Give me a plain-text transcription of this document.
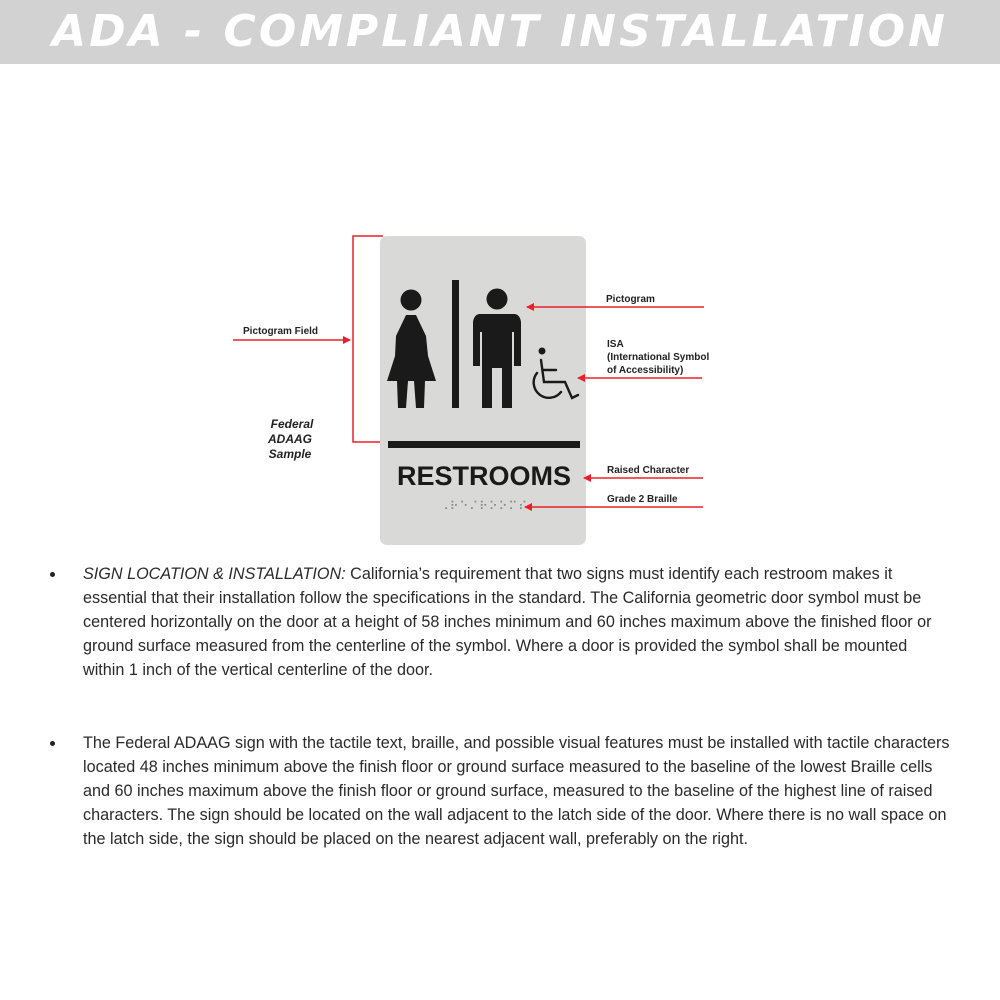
ADA - COMPLIANT INSTALLATION
RESTROOMS
⠠⠗⠑⠌⠗⠕⠕⠍⠎
Pictogram Field
Federal
ADAAG
Sample
Pictogram
ISA
(International Symbol
of Accessibility)
Raised Character
Grade 2 Braille
SIGN LOCATION & INSTALLATION: California’s requirement that two signs must identify each restroom makes it essential that their installation follow the specifications in the standard. The California geometric door symbol must be centered horizontally on the door at a height of 58 inches minimum and 60 inches maximum above the finished floor or ground surface measured from the centerline of the symbol. Where a door is provided the symbol shall be mounted within 1 inch of the vertical centerline of the door.
The Federal ADAAG sign with the tactile text, braille, and possible visual features must be installed with tactile characters located 48 inches minimum above the finish floor or ground surface measured to the baseline of the lowest Braille cells and 60 inches maximum above the finish floor or ground surface, measured to the baseline of the highest line of raised characters. The sign should be located on the wall adjacent to the latch side of the door. Where there is no wall space on the latch side, the sign should be placed on the nearest adjacent wall, preferably on the right.
